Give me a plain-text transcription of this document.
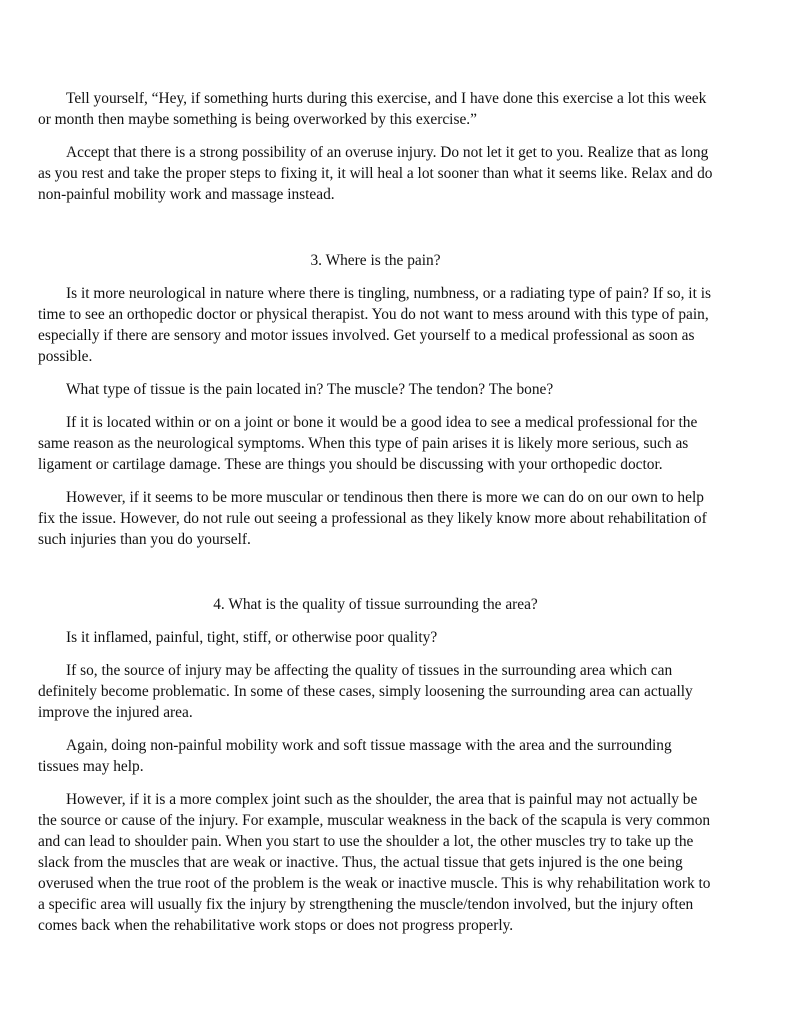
Tell yourself, “Hey, if something hurts during this exercise, and I have done this exercise a lot this week or month then maybe something is being overworked by this exercise.”

Accept that there is a strong possibility of an overuse injury. Do not let it get to you. Realize that as long as you rest and take the proper steps to fixing it, it will heal a lot sooner than what it seems like. Relax and do non-painful mobility work and massage instead.

3. Where is the pain?

Is it more neurological in nature where there is tingling, numbness, or a radiating type of pain? If so, it is time to see an orthopedic doctor or physical therapist. You do not want to mess around with this type of pain, especially if there are sensory and motor issues involved. Get yourself to a medical professional as soon as possible.

What type of tissue is the pain located in? The muscle? The tendon? The bone?

If it is located within or on a joint or bone it would be a good idea to see a medical professional for the same reason as the neurological symptoms. When this type of pain arises it is likely more serious, such as ligament or cartilage damage. These are things you should be discussing with your orthopedic doctor.

However, if it seems to be more muscular or tendinous then there is more we can do on our own to help fix the issue. However, do not rule out seeing a professional as they likely know more about rehabilitation of such injuries than you do yourself.

4. What is the quality of tissue surrounding the area?

Is it inflamed, painful, tight, stiff, or otherwise poor quality?

If so, the source of injury may be affecting the quality of tissues in the surrounding area which can definitely become problematic. In some of these cases, simply loosening the surrounding area can actually improve the injured area.

Again, doing non-painful mobility work and soft tissue massage with the area and the surrounding tissues may help.

However, if it is a more complex joint such as the shoulder, the area that is painful may not actually be the source or cause of the injury. For example, muscular weakness in the back of the scapula is very common and can lead to shoulder pain. When you start to use the shoulder a lot, the other muscles try to take up the slack from the muscles that are weak or inactive. Thus, the actual tissue that gets injured is the one being overused when the true root of the problem is the weak or inactive muscle. This is why rehabilitation work to a specific area will usually fix the injury by strengthening the muscle/tendon involved, but the injury often comes back when the rehabilitative work stops or does not progress properly.
